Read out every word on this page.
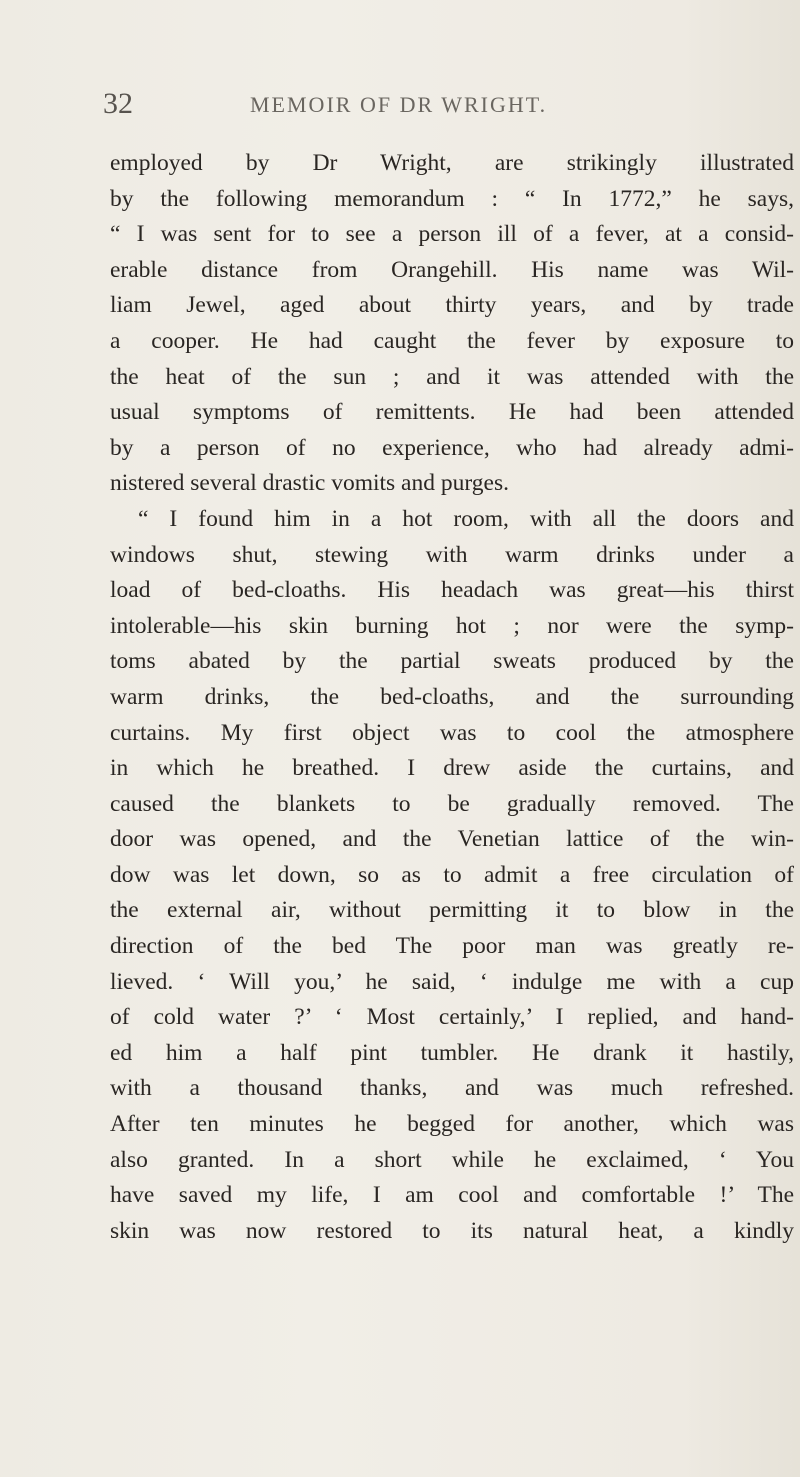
32	MEMOIR OF DR WRIGHT.
employed by Dr Wright, are strikingly illustrated
by the following memorandum : “ In 1772,” he says,
“ I was sent for to see a person ill of a fever, at a consid-
erable distance from Orangehill. His name was Wil-
liam Jewel, aged about thirty years, and by trade
a cooper. He had caught the fever by exposure to
the heat of the sun ; and it was attended with the
usual symptoms of remittents. He had been attended
by a person of no experience, who had already admi-
nistered several drastic vomits and purges.
“ I found him in a hot room, with all the doors and
windows shut, stewing with warm drinks under a
load of bed-cloaths. His headach was great—his thirst
intolerable—his skin burning hot ; nor were the symp-
toms abated by the partial sweats produced by the
warm drinks, the bed-cloaths, and the surrounding
curtains. My first object was to cool the atmosphere
in which he breathed. I drew aside the curtains, and
caused the blankets to be gradually removed. The
door was opened, and the Venetian lattice of the win-
dow was let down, so as to admit a free circulation of
the external air, without permitting it to blow in the
direction of the bed The poor man was greatly re-
lieved. ‘ Will you,’ he said, ‘ indulge me with a cup
of cold water ?’ ‘ Most certainly,’ I replied, and hand-
ed him a half pint tumbler. He drank it hastily,
with a thousand thanks, and was much refreshed.
After ten minutes he begged for another, which was
also granted. In a short while he exclaimed, ‘ You
have saved my life, I am cool and comfortable !’ The
skin was now restored to its natural heat, a kindly
